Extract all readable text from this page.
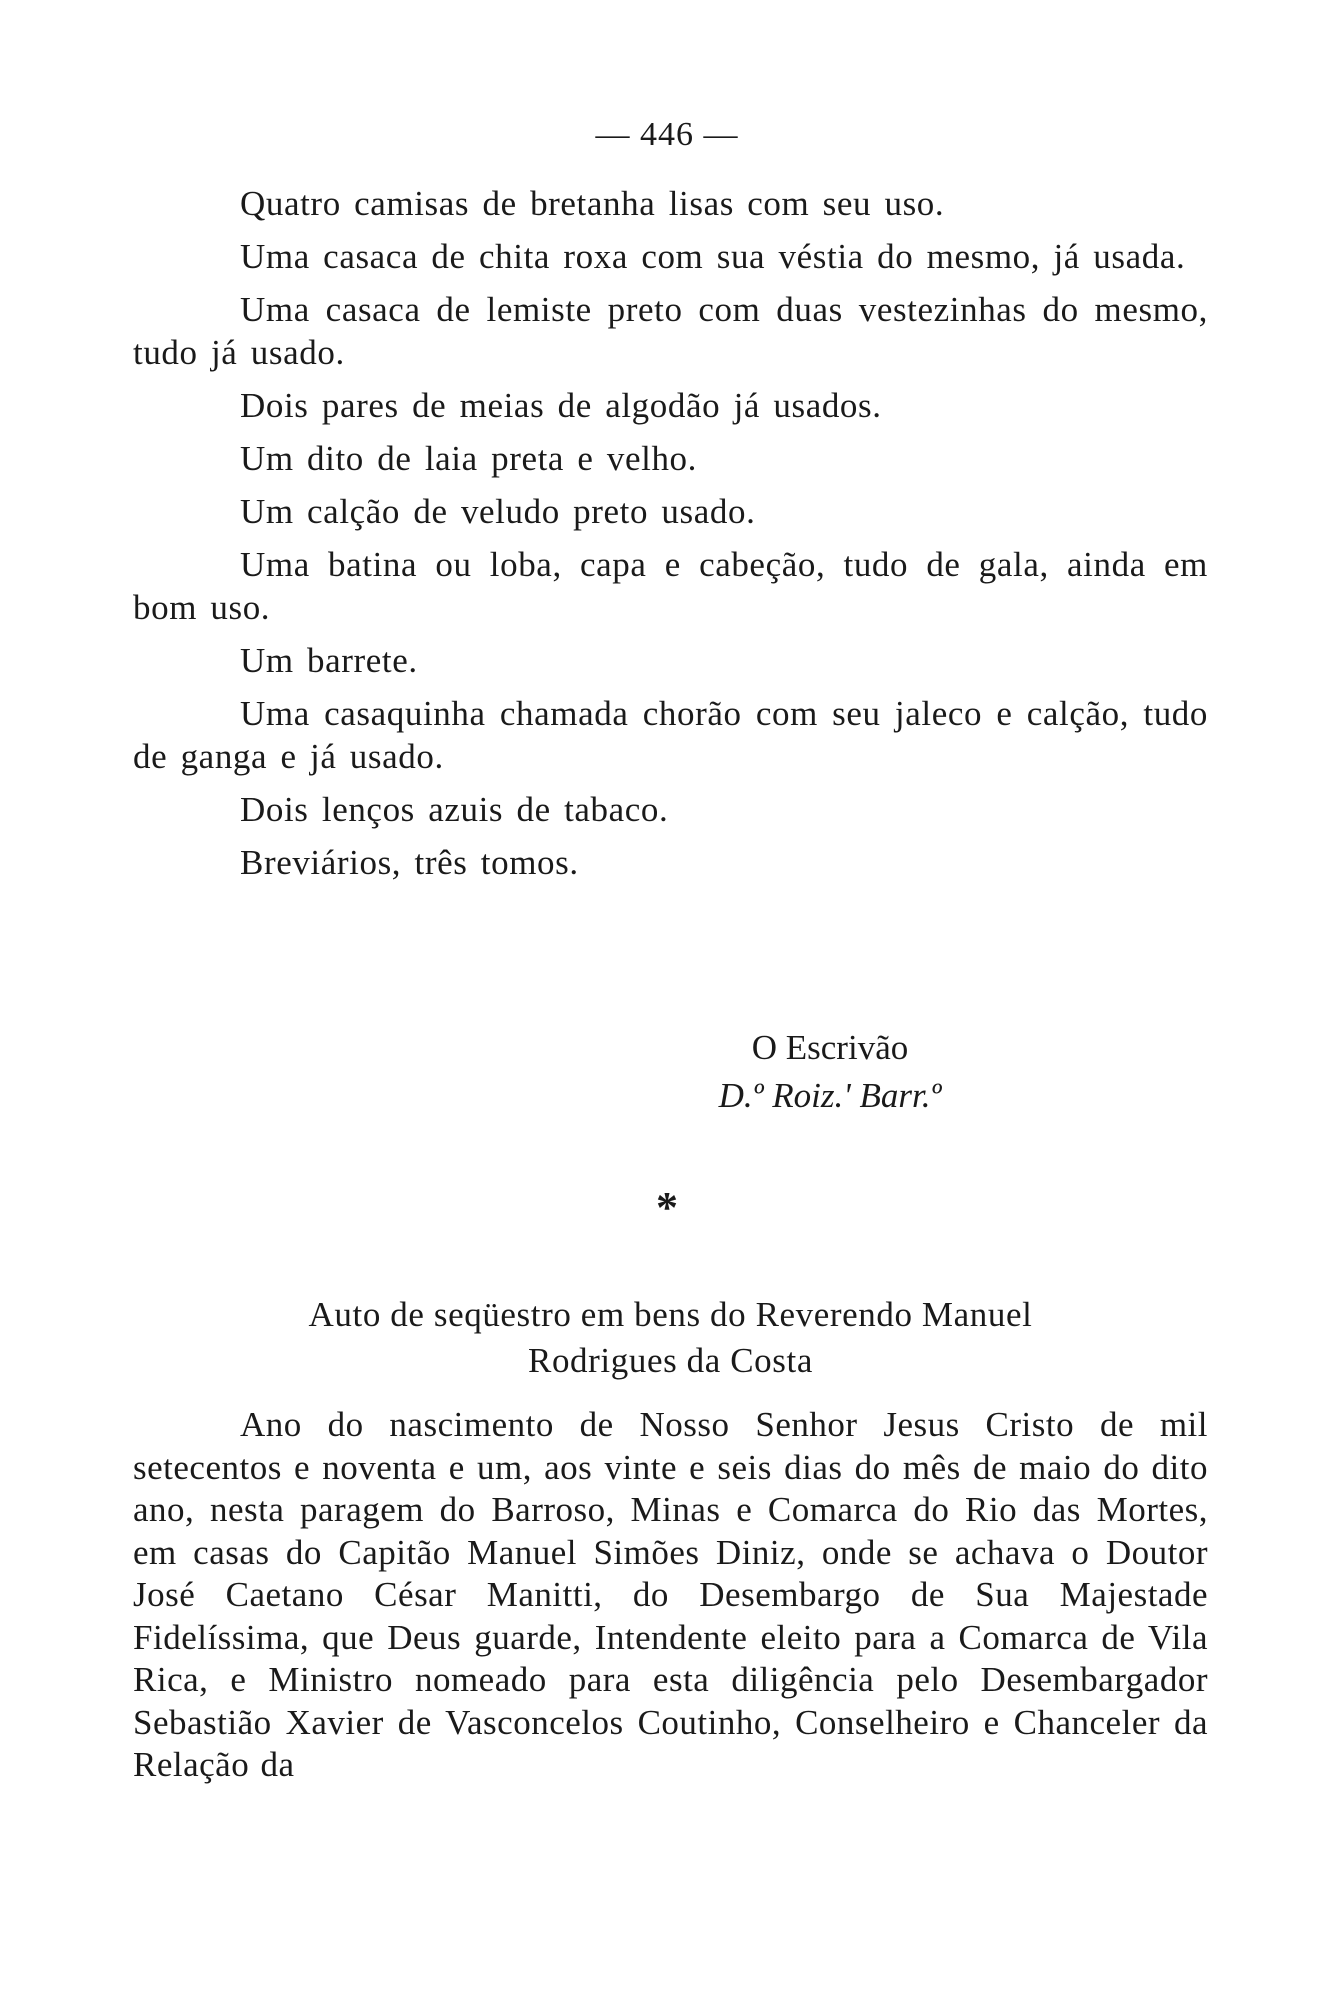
— 446 —
Quatro camisas de bretanha lisas com seu uso.
Uma casaca de chita roxa com sua véstia do mesmo, já usada.
Uma casaca de lemiste preto com duas vestezinhas do mesmo, tudo já usado.
Dois pares de meias de algodão já usados.
Um dito de laia preta e velho.
Um calção de veludo preto usado.
Uma batina ou loba, capa e cabeção, tudo de gala, ainda em bom uso.
Um barrete.
Uma casaquinha chamada chorão com seu jaleco e calção, tudo de ganga e já usado.
Dois lenços azuis de tabaco.
Breviários, três tomos.
O Escrivão
D.º Roiz.' Barr.º
*
Auto de seqüestro em bens do Reverendo Manuel
Rodrigues da Costa

Ano do nascimento de Nosso Senhor Jesus Cristo de mil setecentos e noventa e um, aos vinte e seis dias do mês de maio do dito ano, nesta paragem do Barroso, Minas e Comarca do Rio das Mortes, em casas do Capitão Manuel Simões Diniz, onde se achava o Doutor José Caetano César Manitti, do Desembargo de Sua Majestade Fidelíssima, que Deus guarde, Intendente eleito para a Comarca de Vila Rica, e Ministro nomeado para esta diligência pelo Desembargador Sebastião Xavier de Vasconcelos Coutinho, Conselheiro e Chanceler da Relação da
